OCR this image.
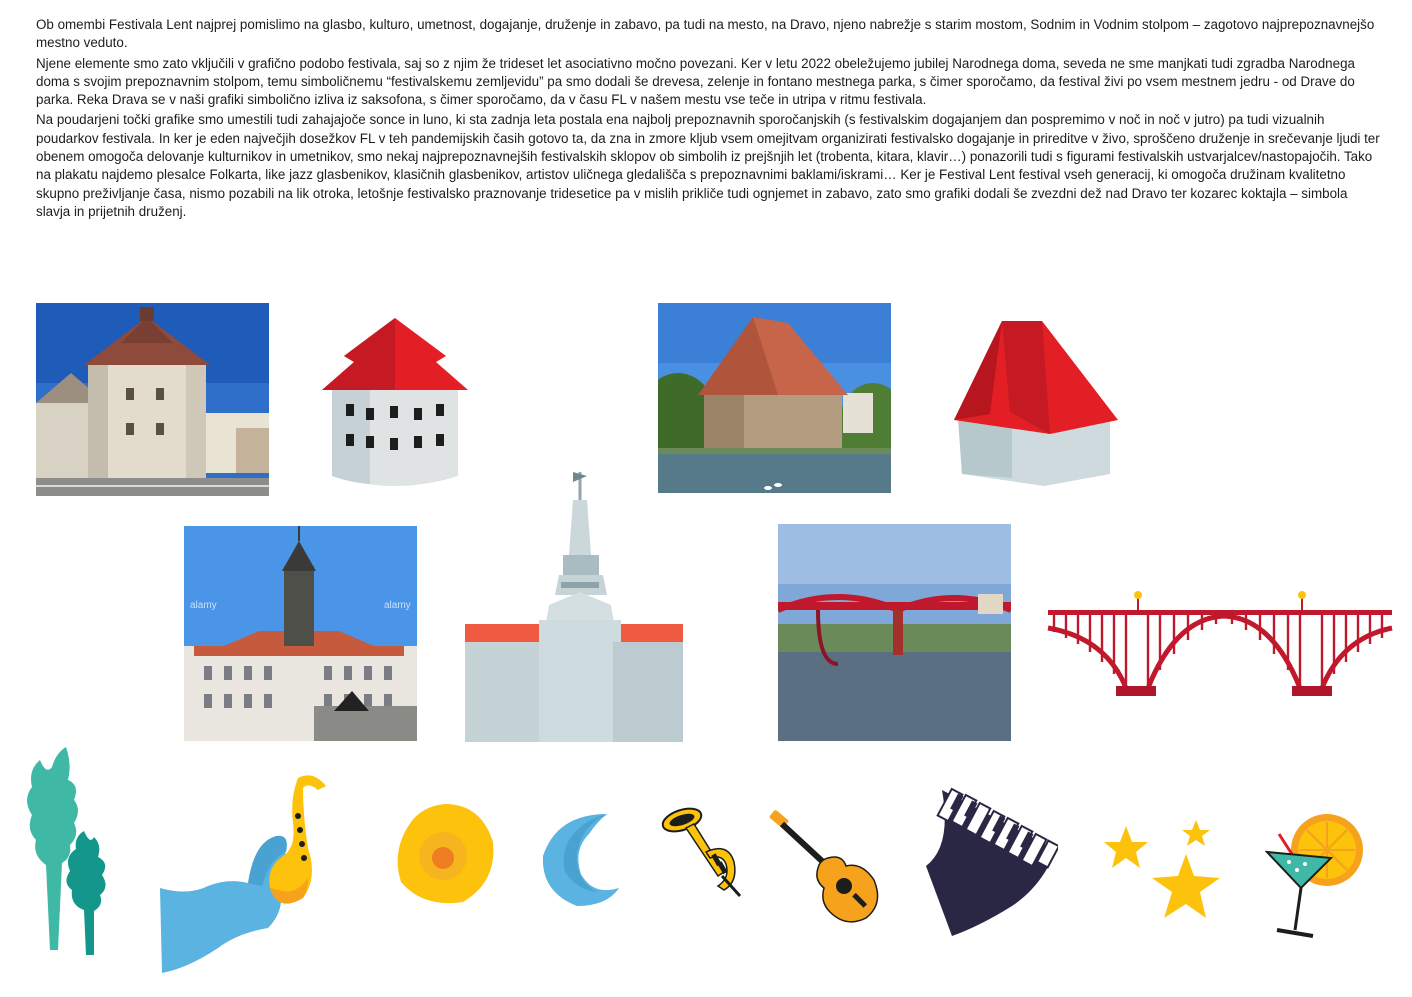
Ob omembi Festivala Lent najprej pomislimo na glasbo, kulturo, umetnost, dogajanje, druženje in zabavo, pa tudi na mesto, na Dravo, njeno nabrežje s starim mostom, Sodnim in Vodnim stolpom – zagotovo najprepoznavnejšo mestno veduto.

Njene elemente smo zato vključili v grafično podobo festivala, saj so z njim že trideset let asociativno močno povezani. Ker v letu 2022 obeležujemo jubilej Narodnega doma, seveda ne sme manjkati tudi zgradba Narodnega doma s svojim prepoznavnim stolpom, temu simboličnemu “festivalskemu zemljevidu” pa smo dodali še drevesa, zelenje in fontano mestnega parka, s čimer sporočamo, da festival živi po vsem mestnem jedru - od Drave do parka. Reka Drava se v naši grafiki simbolično izliva iz saksofona, s čimer sporočamo, da v času FL v našem mestu vse teče in utripa v ritmu festivala.

Na poudarjeni točki grafike smo umestili tudi zahajajoče sonce in luno, ki sta zadnja leta postala ena najbolj prepoznavnih sporočanjskih (s festivalskim dogajanjem dan pospremimo v noč in noč v jutro) pa tudi vizualnih poudarkov festivala. In ker je eden največjih dosežkov FL v teh pandemijskih časih gotovo ta, da zna in zmore kljub vsem omejitvam organizirati festivalsko dogajanje in prireditve v živo, sproščeno druženje in srečevanje ljudi ter obenem omogoča delovanje kulturnikov in umetnikov, smo nekaj najprepoznavnejših festivalskih sklopov ob simbolih iz prejšnjih let (trobenta, kitara, klavir…) ponazorili tudi s figurami festivalskih ustvarjalcev/nastopajočih. Tako na plakatu najdemo plesalce Folkarta, like jazz glasbenikov, klasičnih glasbenikov, artistov uličnega gledališča s prepoznavnimi baklami/iskrami… Ker je Festival Lent festival vseh generacij, ki omogoča družinam kvalitetno skupno preživljanje časa, nismo pozabili na lik otroka, letošnje festivalsko praznovanje tridesetice pa v mislih prikliče tudi ognjemet in zabavo, zato smo grafiki dodali še zvezdni dež nad Dravo ter kozarec koktajla – simbola slavja in prijetnih druženj.

alamy	alamy
